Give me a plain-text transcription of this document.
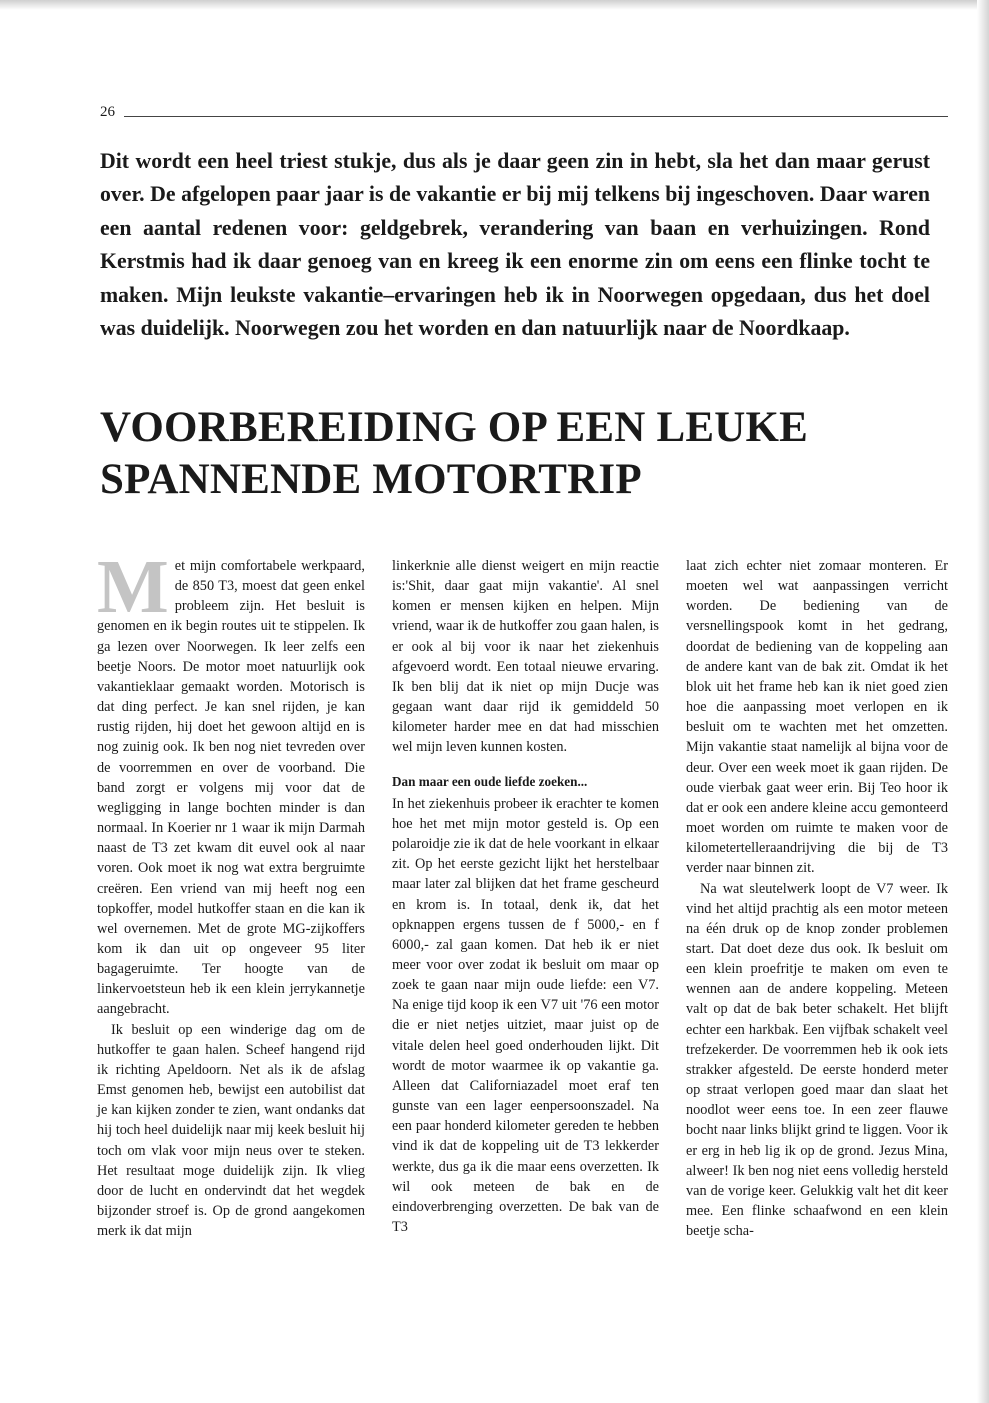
26
Dit wordt een heel triest stukje, dus als je daar geen zin in hebt, sla het dan maar gerust over. De afgelopen paar jaar is de vakantie er bij mij telkens bij ingeschoven. Daar waren een aantal redenen voor: geldgebrek, verandering van baan en verhuizingen. Rond Kerstmis had ik daar genoeg van en kreeg ik een enorme zin om eens een flinke tocht te maken. Mijn leukste vakantie–ervaringen heb ik in Noorwegen opgedaan, dus het doel was duidelijk. Noorwegen zou het worden en dan natuurlijk naar de Noordkaap.
VOORBEREIDING OP EEN LEUKE
SPANNENDE MOTORTRIP

Met mijn comfortabele werkpaard, de 850 T3, moest dat geen enkel probleem zijn. Het besluit is genomen en ik begin routes uit te stippelen. Ik ga lezen over Noorwegen. Ik leer zelfs een beetje Noors. De motor moet natuurlijk ook vakantieklaar gemaakt worden. Motorisch is dat ding perfect. Je kan snel rijden, je kan rustig rijden, hij doet het gewoon altijd en is nog zuinig ook. Ik ben nog niet tevreden over de voorremmen en over de voorband. Die band zorgt er volgens mij voor dat de wegligging in lange bochten minder is dan normaal. In Koerier nr 1 waar ik mijn Darmah naast de T3 zet kwam dit euvel ook al naar voren. Ook moet ik nog wat extra bergruimte creëren. Een vriend van mij heeft nog een topkoffer, model hutkoffer staan en die kan ik wel overnemen. Met de grote MG-zijkoffers kom ik dan uit op ongeveer 95 liter bagageruimte. Ter hoogte van de linkervoetsteun heb ik een klein jerrykannetje aangebracht.

Ik besluit op een winderige dag om de hutkoffer te gaan halen. Scheef hangend rijd ik richting Apeldoorn. Net als ik de afslag Emst genomen heb, bewijst een autobilist dat je kan kijken zonder te zien, want ondanks dat hij toch heel duidelijk naar mij keek besluit hij toch om vlak voor mijn neus over te steken. Het resultaat moge duidelijk zijn. Ik vlieg door de lucht en ondervindt dat het wegdek bijzonder stroef is. Op de grond aangekomen merk ik dat mijn

linkerknie alle dienst weigert en mijn reactie is:'Shit, daar gaat mijn vakantie'. Al snel komen er mensen kijken en helpen. Mijn vriend, waar ik de hutkoffer zou gaan halen, is er ook al bij voor ik naar het ziekenhuis afgevoerd wordt. Een totaal nieuwe ervaring. Ik ben blij dat ik niet op mijn Ducje was gegaan want daar rijd ik gemiddeld 50 kilometer harder mee en dat had misschien wel mijn leven kunnen kosten.

Dan maar een oude liefde zoeken...

In het ziekenhuis probeer ik erachter te komen hoe het met mijn motor gesteld is. Op een polaroidje zie ik dat de hele voorkant in elkaar zit. Op het eerste gezicht lijkt het herstelbaar maar later zal blijken dat het frame gescheurd en krom is. In totaal, denk ik, dat het opknappen ergens tussen de f 5000,- en f 6000,- zal gaan komen. Dat heb ik er niet meer voor over zodat ik besluit om maar op zoek te gaan naar mijn oude liefde: een V7. Na enige tijd koop ik een V7 uit '76 een motor die er niet netjes uitziet, maar juist op de vitale delen heel goed onderhouden lijkt. Dit wordt de motor waarmee ik op vakantie ga. Alleen dat Californiazadel moet eraf ten gunste van een lager eenpersoonszadel. Na een paar honderd kilometer gereden te hebben vind ik dat de koppeling uit de T3 lekkerder werkte, dus ga ik die maar eens overzetten. Ik wil ook meteen de bak en de eindoverbrenging overzetten. De bak van de T3

laat zich echter niet zomaar monteren. Er moeten wel wat aanpassingen verricht worden. De bediening van de versnellingspook komt in het gedrang, doordat de bediening van de koppeling aan de andere kant van de bak zit. Omdat ik het blok uit het frame heb kan ik niet goed zien hoe die aanpassing moet verlopen en ik besluit om te wachten met het omzetten. Mijn vakantie staat namelijk al bijna voor de deur. Over een week moet ik gaan rijden. De oude vierbak gaat weer erin. Bij Teo hoor ik dat er ook een andere kleine accu gemonteerd moet worden om ruimte te maken voor de kilometertelleraandrijving die bij de T3 verder naar binnen zit.

Na wat sleutelwerk loopt de V7 weer. Ik vind het altijd prachtig als een motor meteen na één druk op de knop zonder problemen start. Dat doet deze dus ook. Ik besluit om een klein proefritje te maken om even te wennen aan de andere koppeling. Meteen valt op dat de bak beter schakelt. Het blijft echter een harkbak. Een vijfbak schakelt veel trefzekerder. De voorremmen heb ik ook iets strakker afgesteld. De eerste honderd meter op straat verlopen goed maar dan slaat het noodlot weer eens toe. In een zeer flauwe bocht naar links blijkt grind te liggen. Voor ik er erg in heb lig ik op de grond. Jezus Mina, alweer! Ik ben nog niet eens volledig hersteld van de vorige keer. Gelukkig valt het dit keer mee. Een flinke schaafwond en een klein beetje scha-
